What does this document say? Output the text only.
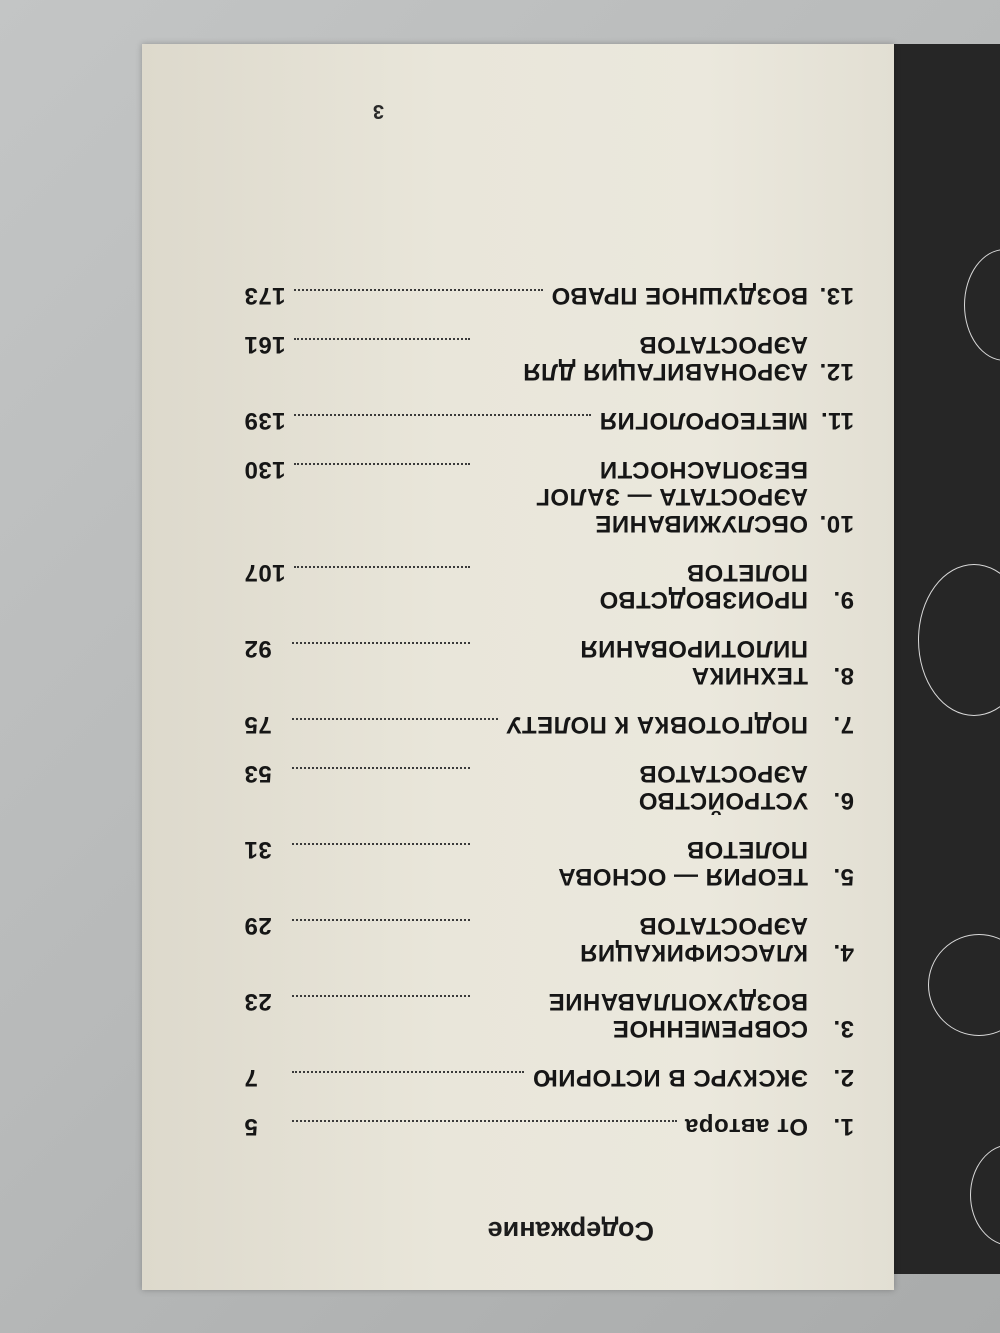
Содержание
1.
От автора
5
2.
ЭКСКУРС В ИСТОРИЮ
7
3.
СОВРЕМЕННОЕ ВОЗДУХОПЛАВАНИЕ
23
4.
КЛАССИФИКАЦИЯ АЭРОСТАТОВ
29
5.
ТЕОРИЯ — ОСНОВА ПОЛЕТОВ
31
6.
УСТРОЙСТВО АЭРОСТАТОВ
53
7.
ПОДГОТОВКА К ПОЛЕТУ
75
8.
ТЕХНИКА ПИЛОТИРОВАНИЯ
92
9.
ПРОИЗВОДСТВО ПОЛЕТОВ
107
10.
ОБСЛУЖИВАНИЕ АЭРОСТАТА — ЗАЛОГ БЕЗОПАСНОСТИ
130
11.
МЕТЕОРОЛОГИЯ
139
12.
АЭРОНАВИГАЦИЯ ДЛЯ АЭРОСТАТОВ
161
13.
ВОЗДУШНОЕ ПРАВО
173
3
